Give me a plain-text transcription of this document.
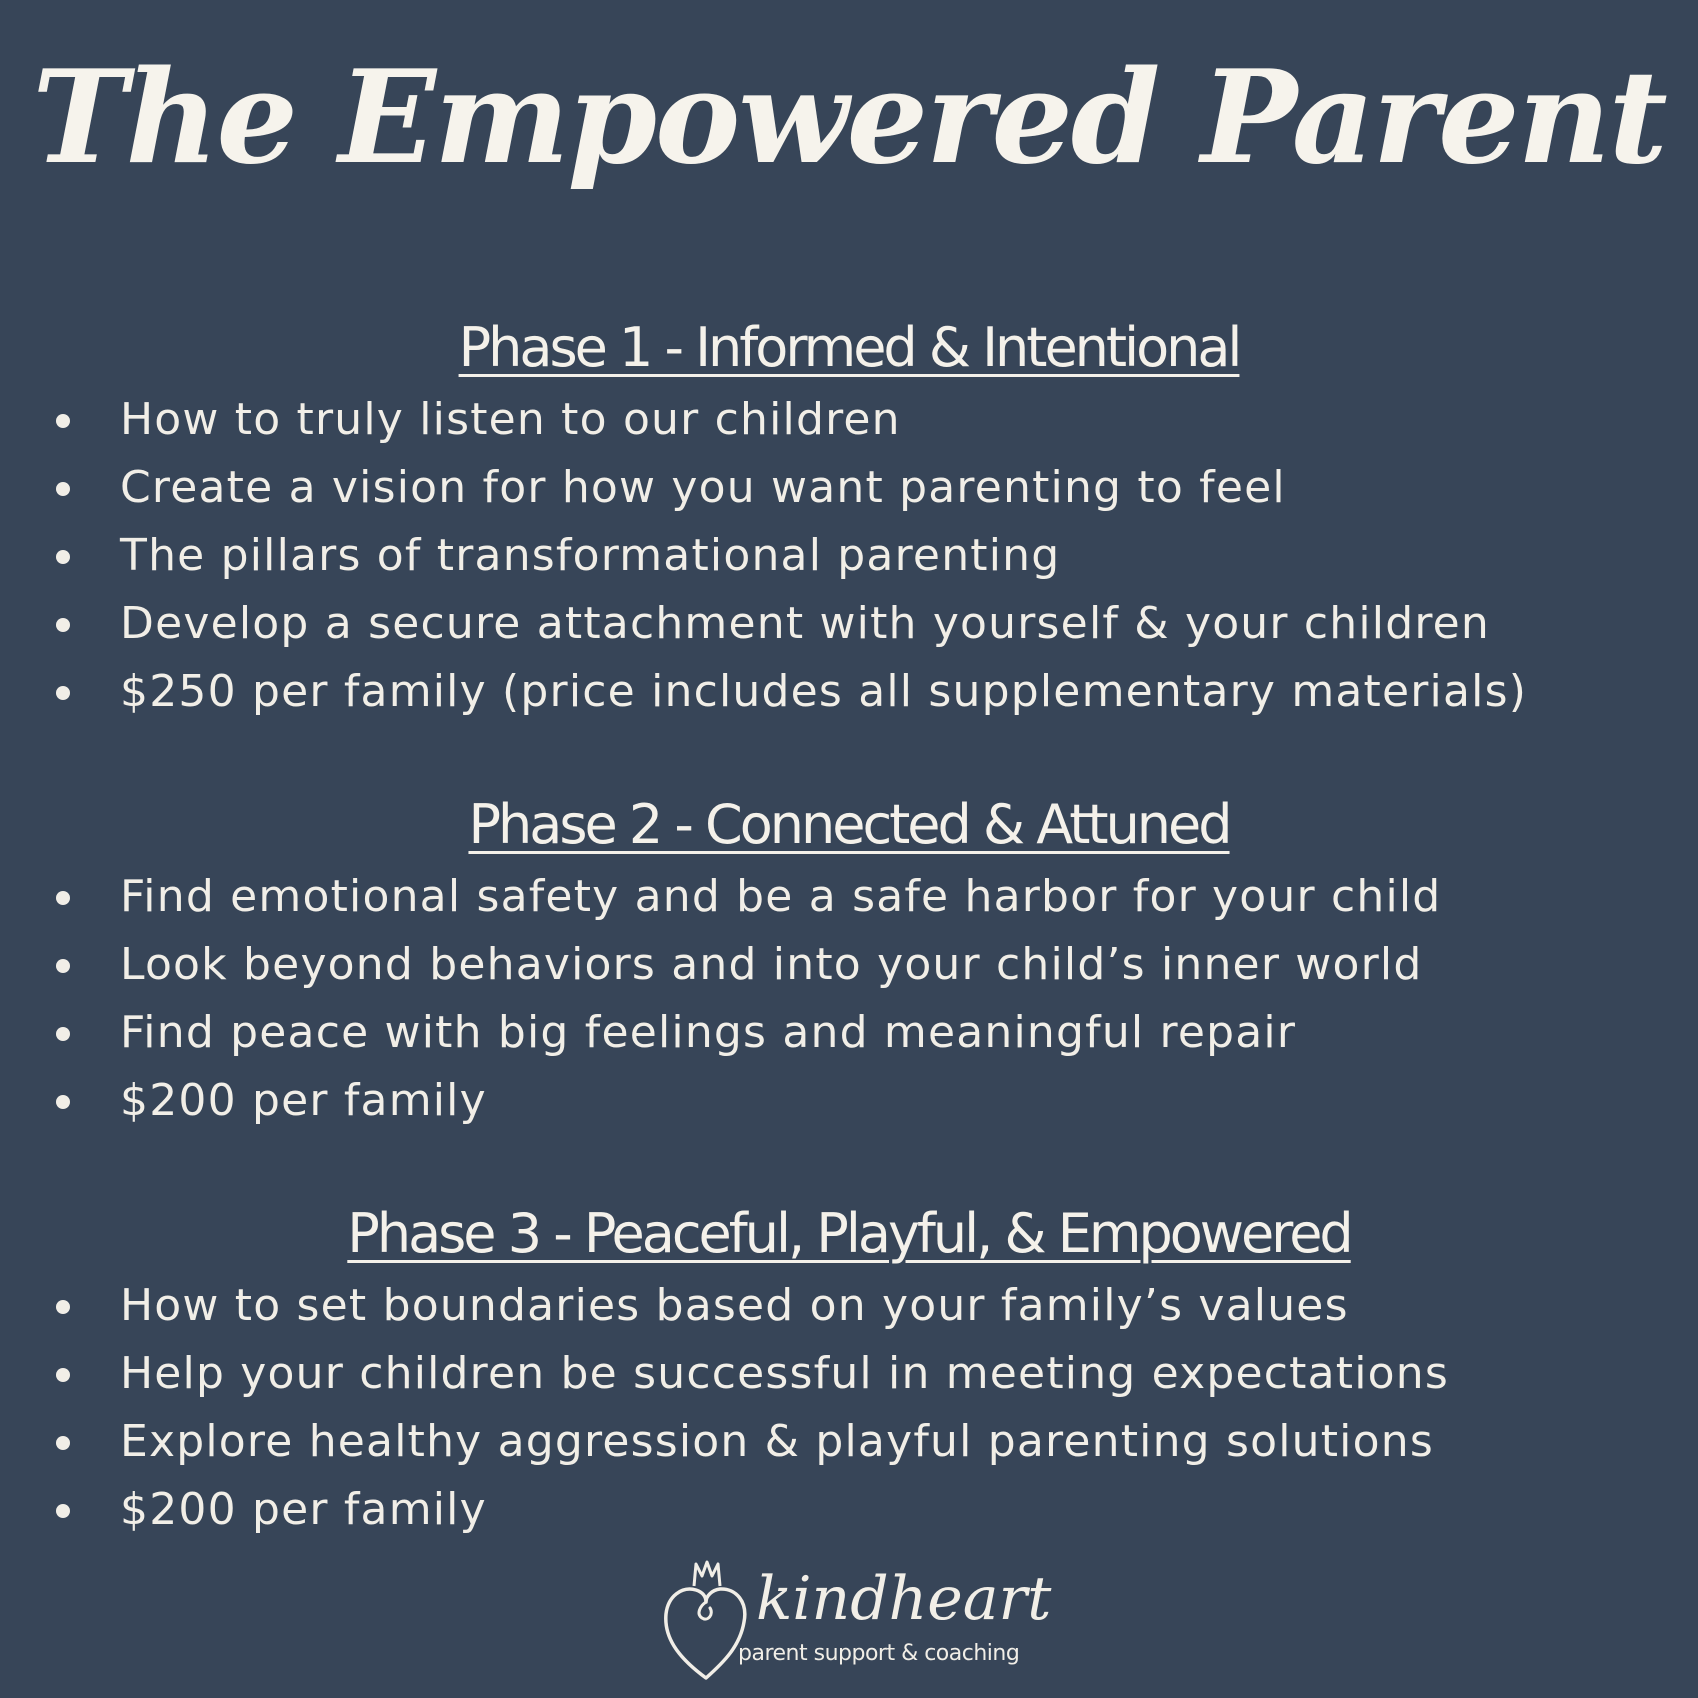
The Empowered Parent
Phase 1 - Informed & Intentional
How to truly listen to our children
Create a vision for how you want parenting to feel
The pillars of transformational parenting
Develop a secure attachment with yourself & your children
$250 per family (price includes all supplementary materials)
Phase 2 - Connected & Attuned
Find emotional safety and be a safe harbor for your child
Look beyond behaviors and into your child’s inner world
Find peace with big feelings and meaningful repair
$200 per family
Phase 3 - Peaceful, Playful, & Empowered
How to set boundaries based on your family’s values
Help your children be successful in meeting expectations
Explore healthy aggression & playful parenting solutions
$200 per family
kindheart
parent support & coaching
